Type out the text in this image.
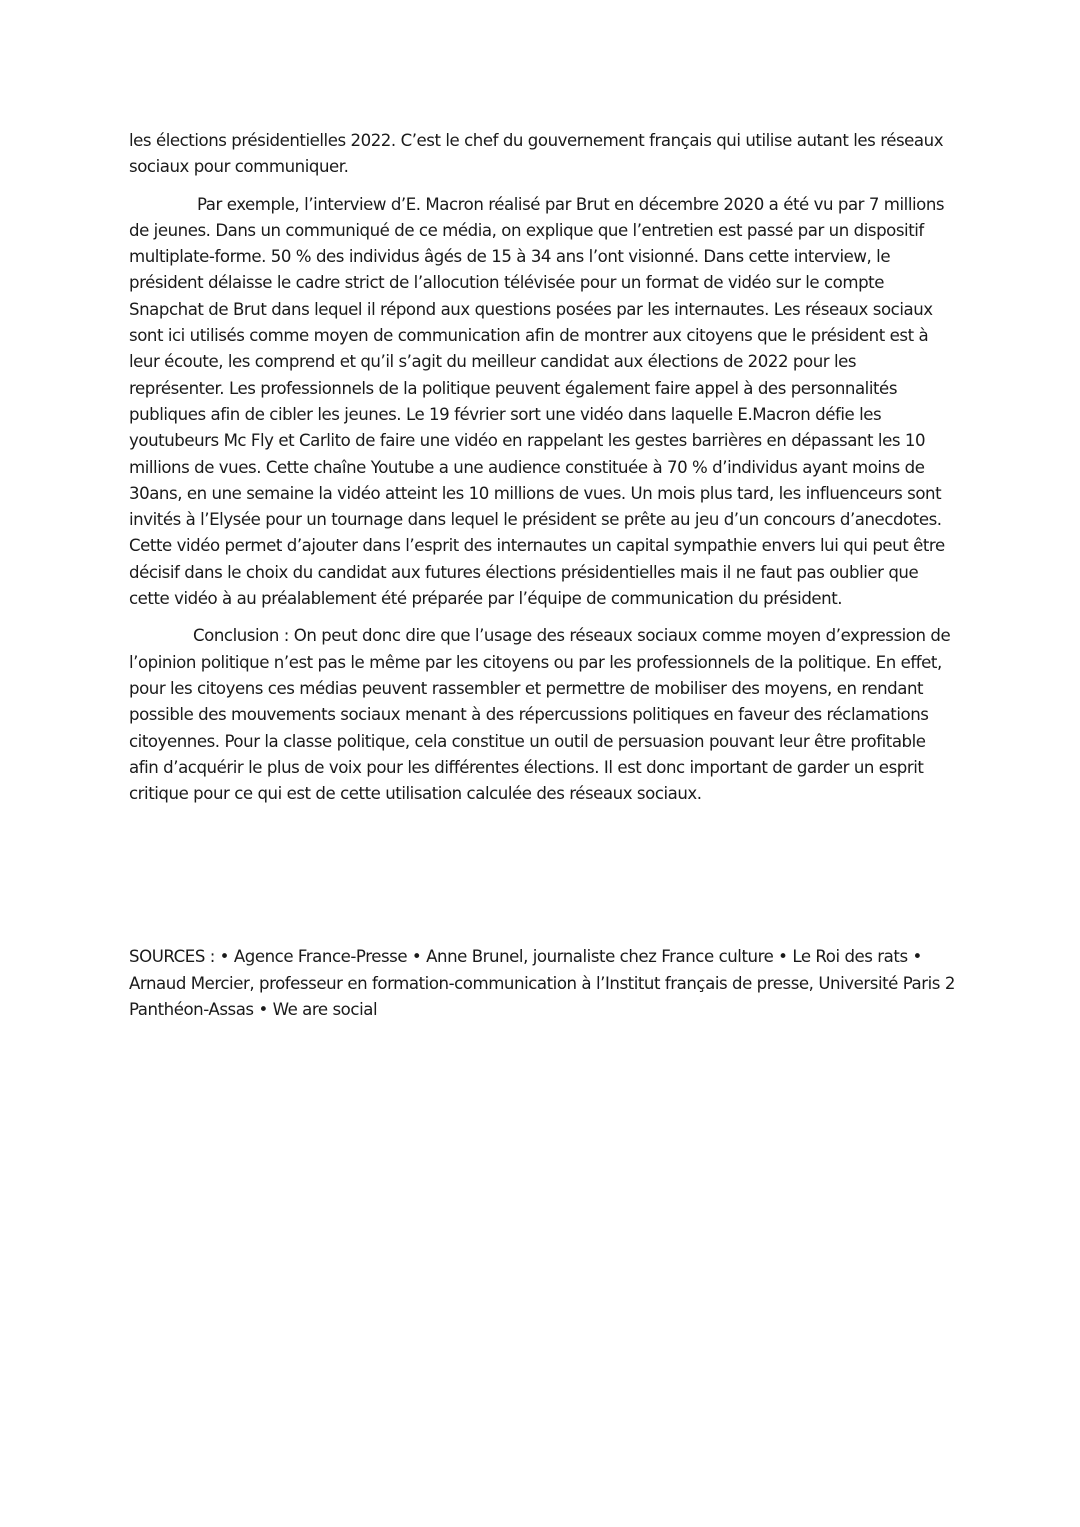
les élections présidentielles 2022. C’est le chef du gouvernement français qui utilise autant les réseaux sociaux pour communiquer.

Par exemple, l’interview d’E. Macron réalisé par Brut en décembre 2020 a été vu par 7 millions de jeunes. Dans un communiqué de ce média, on explique que l’entretien est passé par un dispositif multiplate-forme. 50 % des individus âgés de 15 à 34 ans l’ont visionné. Dans cette interview, le président délaisse le cadre strict de l’allocution télévisée pour un format de vidéo sur le compte Snapchat de Brut dans lequel il répond aux questions posées par les internautes. Les réseaux sociaux sont ici utilisés comme moyen de communication afin de montrer aux citoyens que le président est à leur écoute, les comprend et qu’il s’agit du meilleur candidat aux élections de 2022 pour les représenter. Les professionnels de la politique peuvent également faire appel à des personnalités publiques afin de cibler les jeunes. Le 19 février sort une vidéo dans laquelle E.Macron défie les youtubeurs Mc Fly et Carlito de faire une vidéo en rappelant les gestes barrières en dépassant les 10 millions de vues. Cette chaîne Youtube a une audience constituée à 70 % d’individus ayant moins de 30ans, en une semaine la vidéo atteint les 10 millions de vues. Un mois plus tard, les influenceurs sont invités à l’Elysée pour un tournage dans lequel le président se prête au jeu d’un concours d’anecdotes. Cette vidéo permet d’ajouter dans l’esprit des internautes un capital sympathie envers lui qui peut être décisif dans le choix du candidat aux futures élections présidentielles mais il ne faut pas oublier que cette vidéo à au préalablement été préparée par l’équipe de communication du président.

Conclusion : On peut donc dire que l’usage des réseaux sociaux comme moyen d’expression de l’opinion politique n’est pas le même par les citoyens ou par les professionnels de la politique. En effet, pour les citoyens ces médias peuvent rassembler et permettre de mobiliser des moyens, en rendant possible des mouvements sociaux menant à des répercussions politiques en faveur des réclamations citoyennes. Pour la classe politique, cela constitue un outil de persuasion pouvant leur être profitable afin d’acquérir le plus de voix pour les différentes élections. Il est donc important de garder un esprit critique pour ce qui est de cette utilisation calculée des réseaux sociaux.

SOURCES : • Agence France-Presse • Anne Brunel, journaliste chez France culture • Le Roi des rats • Arnaud Mercier, professeur en formation-communication à l’Institut français de presse, Université Paris 2 Panthéon-Assas • We are social
